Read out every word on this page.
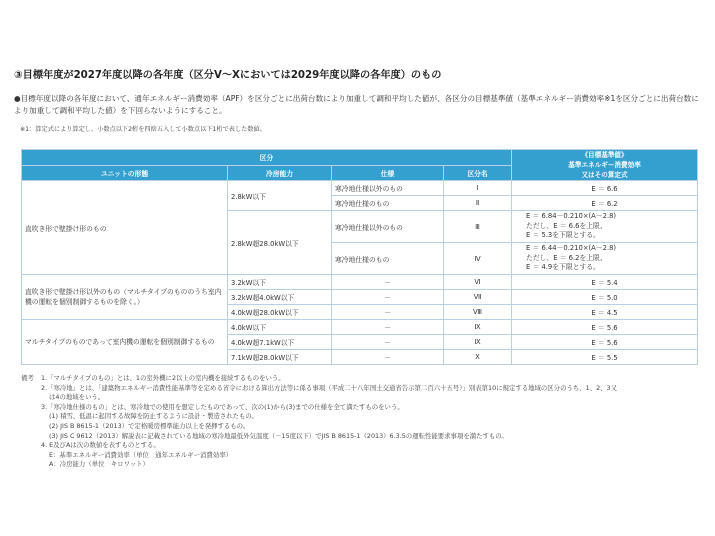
③目標年度が2027年度以降の各年度（区分Ⅴ～Ⅹにおいては2029年度以降の各年度）のもの
●目標年度以降の各年度において、通年エネルギー消費効率（APF）を区分ごとに出荷台数により加重して調和平均した値が、各区分の目標基準値（基準エネルギー消費効率※1を区分ごとに出荷台数により加重して調和平均した値）を下回らないようにすること。
※1：算定式により算定し、小数点以下2桁を四捨五入して小数点以下1桁で表した数値。
区分				《目標基準値》
基準エネルギー消費効率
又はその算定式

ユニットの形態	冷房能力	仕様	区分名	
直吹き形で壁掛け形のもの	2.8kW以下	寒冷地仕様以外のもの	Ⅰ	E ＝ 6.6
		寒冷地仕様のもの	Ⅱ	E ＝ 6.2
	2.8kW超28.0kW以下	寒冷地仕様以外のもの	Ⅲ	E ＝ 6.84－0.210×(A－2.8)
ただし、E ＝ 6.6を上限、
E ＝ 5.3を下限とする。

		寒冷地仕様のもの	Ⅳ	E ＝ 6.44－0.210×(A－2.8)
ただし、E ＝ 6.2を上限、
E ＝ 4.9を下限とする。

直吹き形で壁掛け形以外のもの（マルチタイプのもののうち室内機の運転を個別制御するものを除く。）	3.2kW以下	－	Ⅵ	E ＝ 5.4
	3.2kW超4.0kW以下	－	Ⅶ	E ＝ 5.0
	4.0kW超28.0kW以下	－	Ⅷ	E ＝ 4.5
マルチタイプのものであって室内機の運転を個別制御するもの	4.0kW以下	－	Ⅸ	E ＝ 5.6
	4.0kW超7.1kW以下	－	Ⅸ	E ＝ 5.6
	7.1kW超28.0kW以下	－	Ⅹ	E ＝ 5.5
備考 1.「マルチタイプのもの」とは、1の室外機に2以上の室内機を接続するものをいう。
2.「寒冷地」とは、「建築物エネルギー消費性能基準等を定める省令における算出方法等に係る事項（平成二十八年国土交通省告示第二百六十五号）」別表第10に規定する地域の区分のうち、1、2、3又
は4の地域をいう。
3.「寒冷地仕様のもの」とは、寒冷地での使用を想定したものであって、次の(1)から(3)までの仕様を全て満たすものをいう。
(1) 積雪、低温に起因する故障を防止するように設計・製造されたもの。
(2) JIS B 8615-1（2013）で定格暖房標準能力以上を発揮するもの。
(3) JIS C 9612（2013）解説表に記載されている地域の寒冷地最低外気温度（－15度以下）でJIS B 8615-1（2013）6.3.5の運転性能要求事項を満たすもの。
4. E及びAは次の数値を表すものとする。
E：基準エネルギー消費効率（単位　通年エネルギー消費効率）
A：冷房能力（単位　キロワット）
